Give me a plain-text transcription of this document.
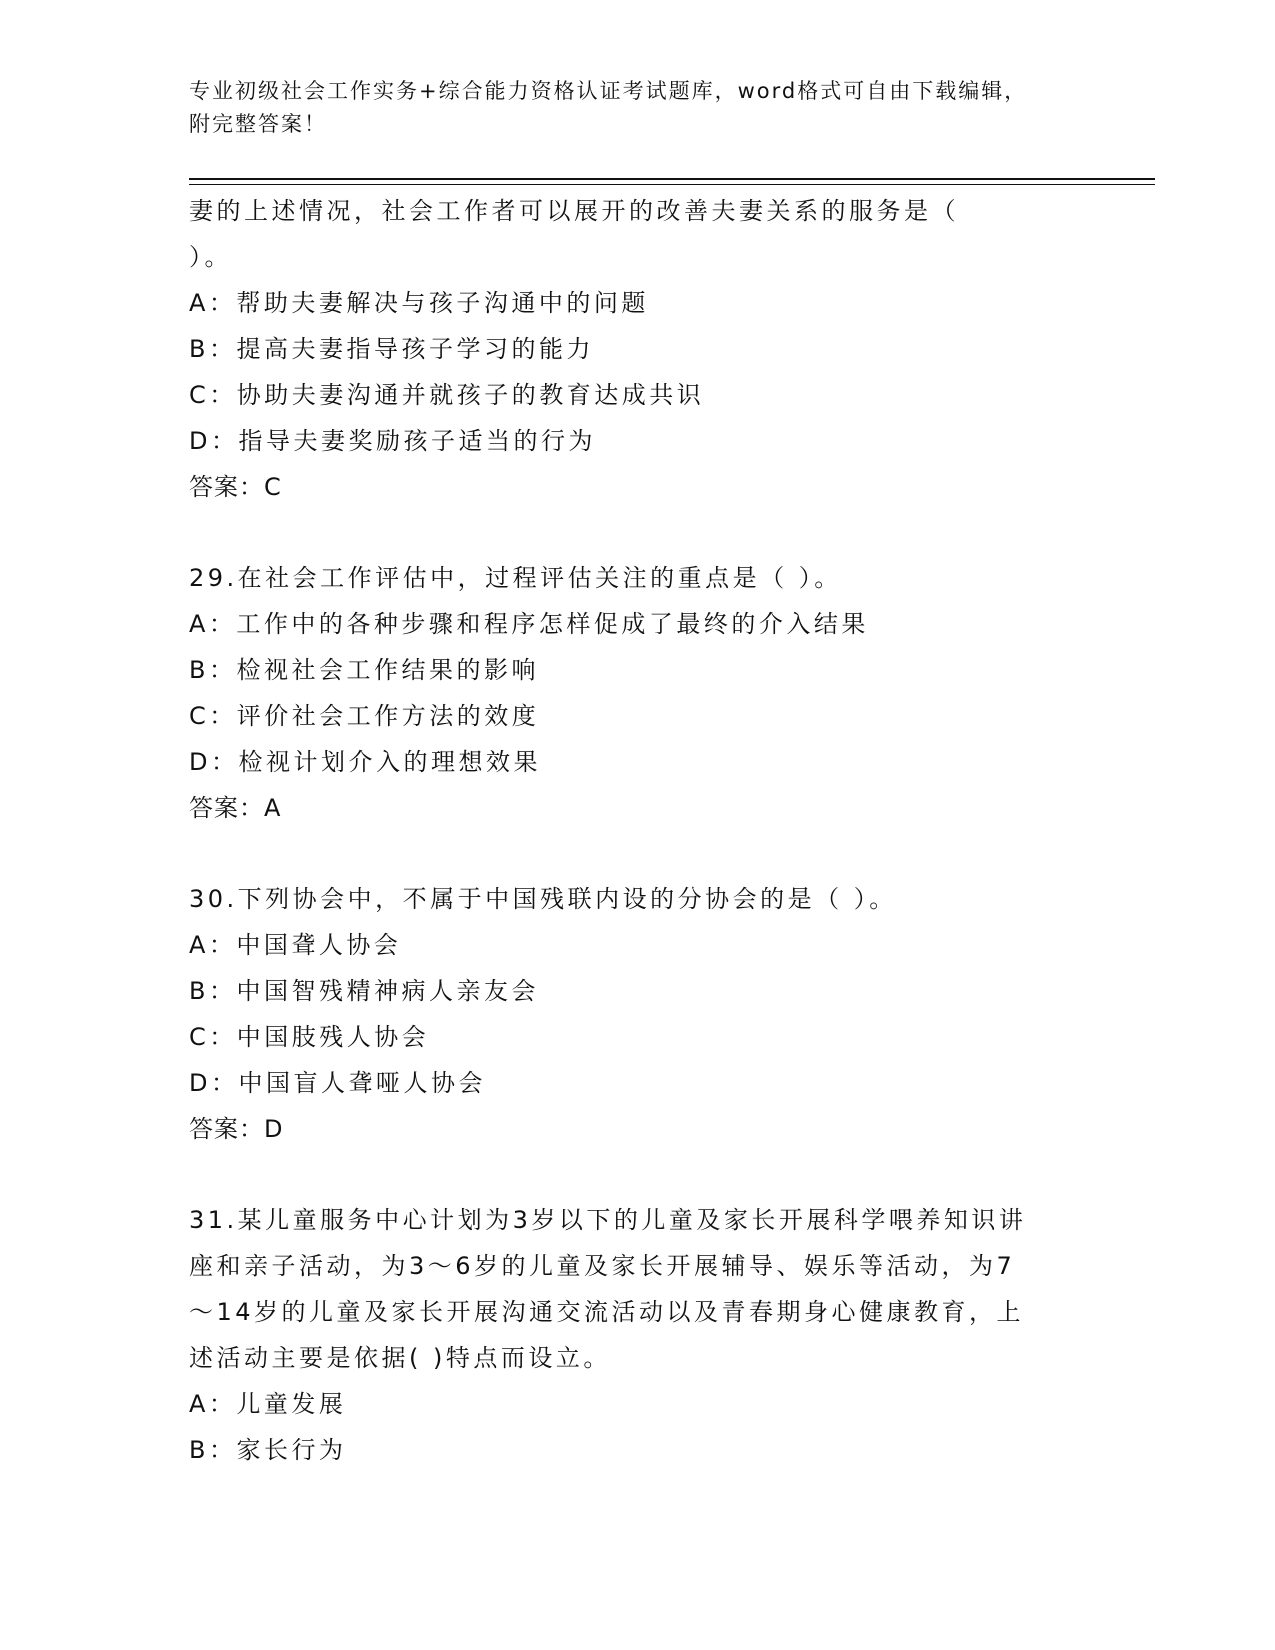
专业初级社会工作实务+综合能力资格认证考试题库，word格式可自由下载编辑，
附完整答案！
妻的上述情况，社会工作者可以展开的改善夫妻关系的服务是（
）。
A：帮助夫妻解决与孩子沟通中的问题
B：提高夫妻指导孩子学习的能力
C：协助夫妻沟通并就孩子的教育达成共识
D：指导夫妻奖励孩子适当的行为
答案：C
29.在社会工作评估中，过程评估关注的重点是（ ）。
A：工作中的各种步骤和程序怎样促成了最终的介入结果
B：检视社会工作结果的影响
C：评价社会工作方法的效度
D：检视计划介入的理想效果
答案：A
30.下列协会中，不属于中国残联内设的分协会的是（ ）。
A：中国聋人协会
B：中国智残精神病人亲友会
C：中国肢残人协会
D：中国盲人聋哑人协会
答案：D
31.某儿童服务中心计划为3岁以下的儿童及家长开展科学喂养知识讲
座和亲子活动，为3～6岁的儿童及家长开展辅导、娱乐等活动，为7
～14岁的儿童及家长开展沟通交流活动以及青春期身心健康教育，上
述活动主要是依据( )特点而设立。
A：儿童发展
B：家长行为
